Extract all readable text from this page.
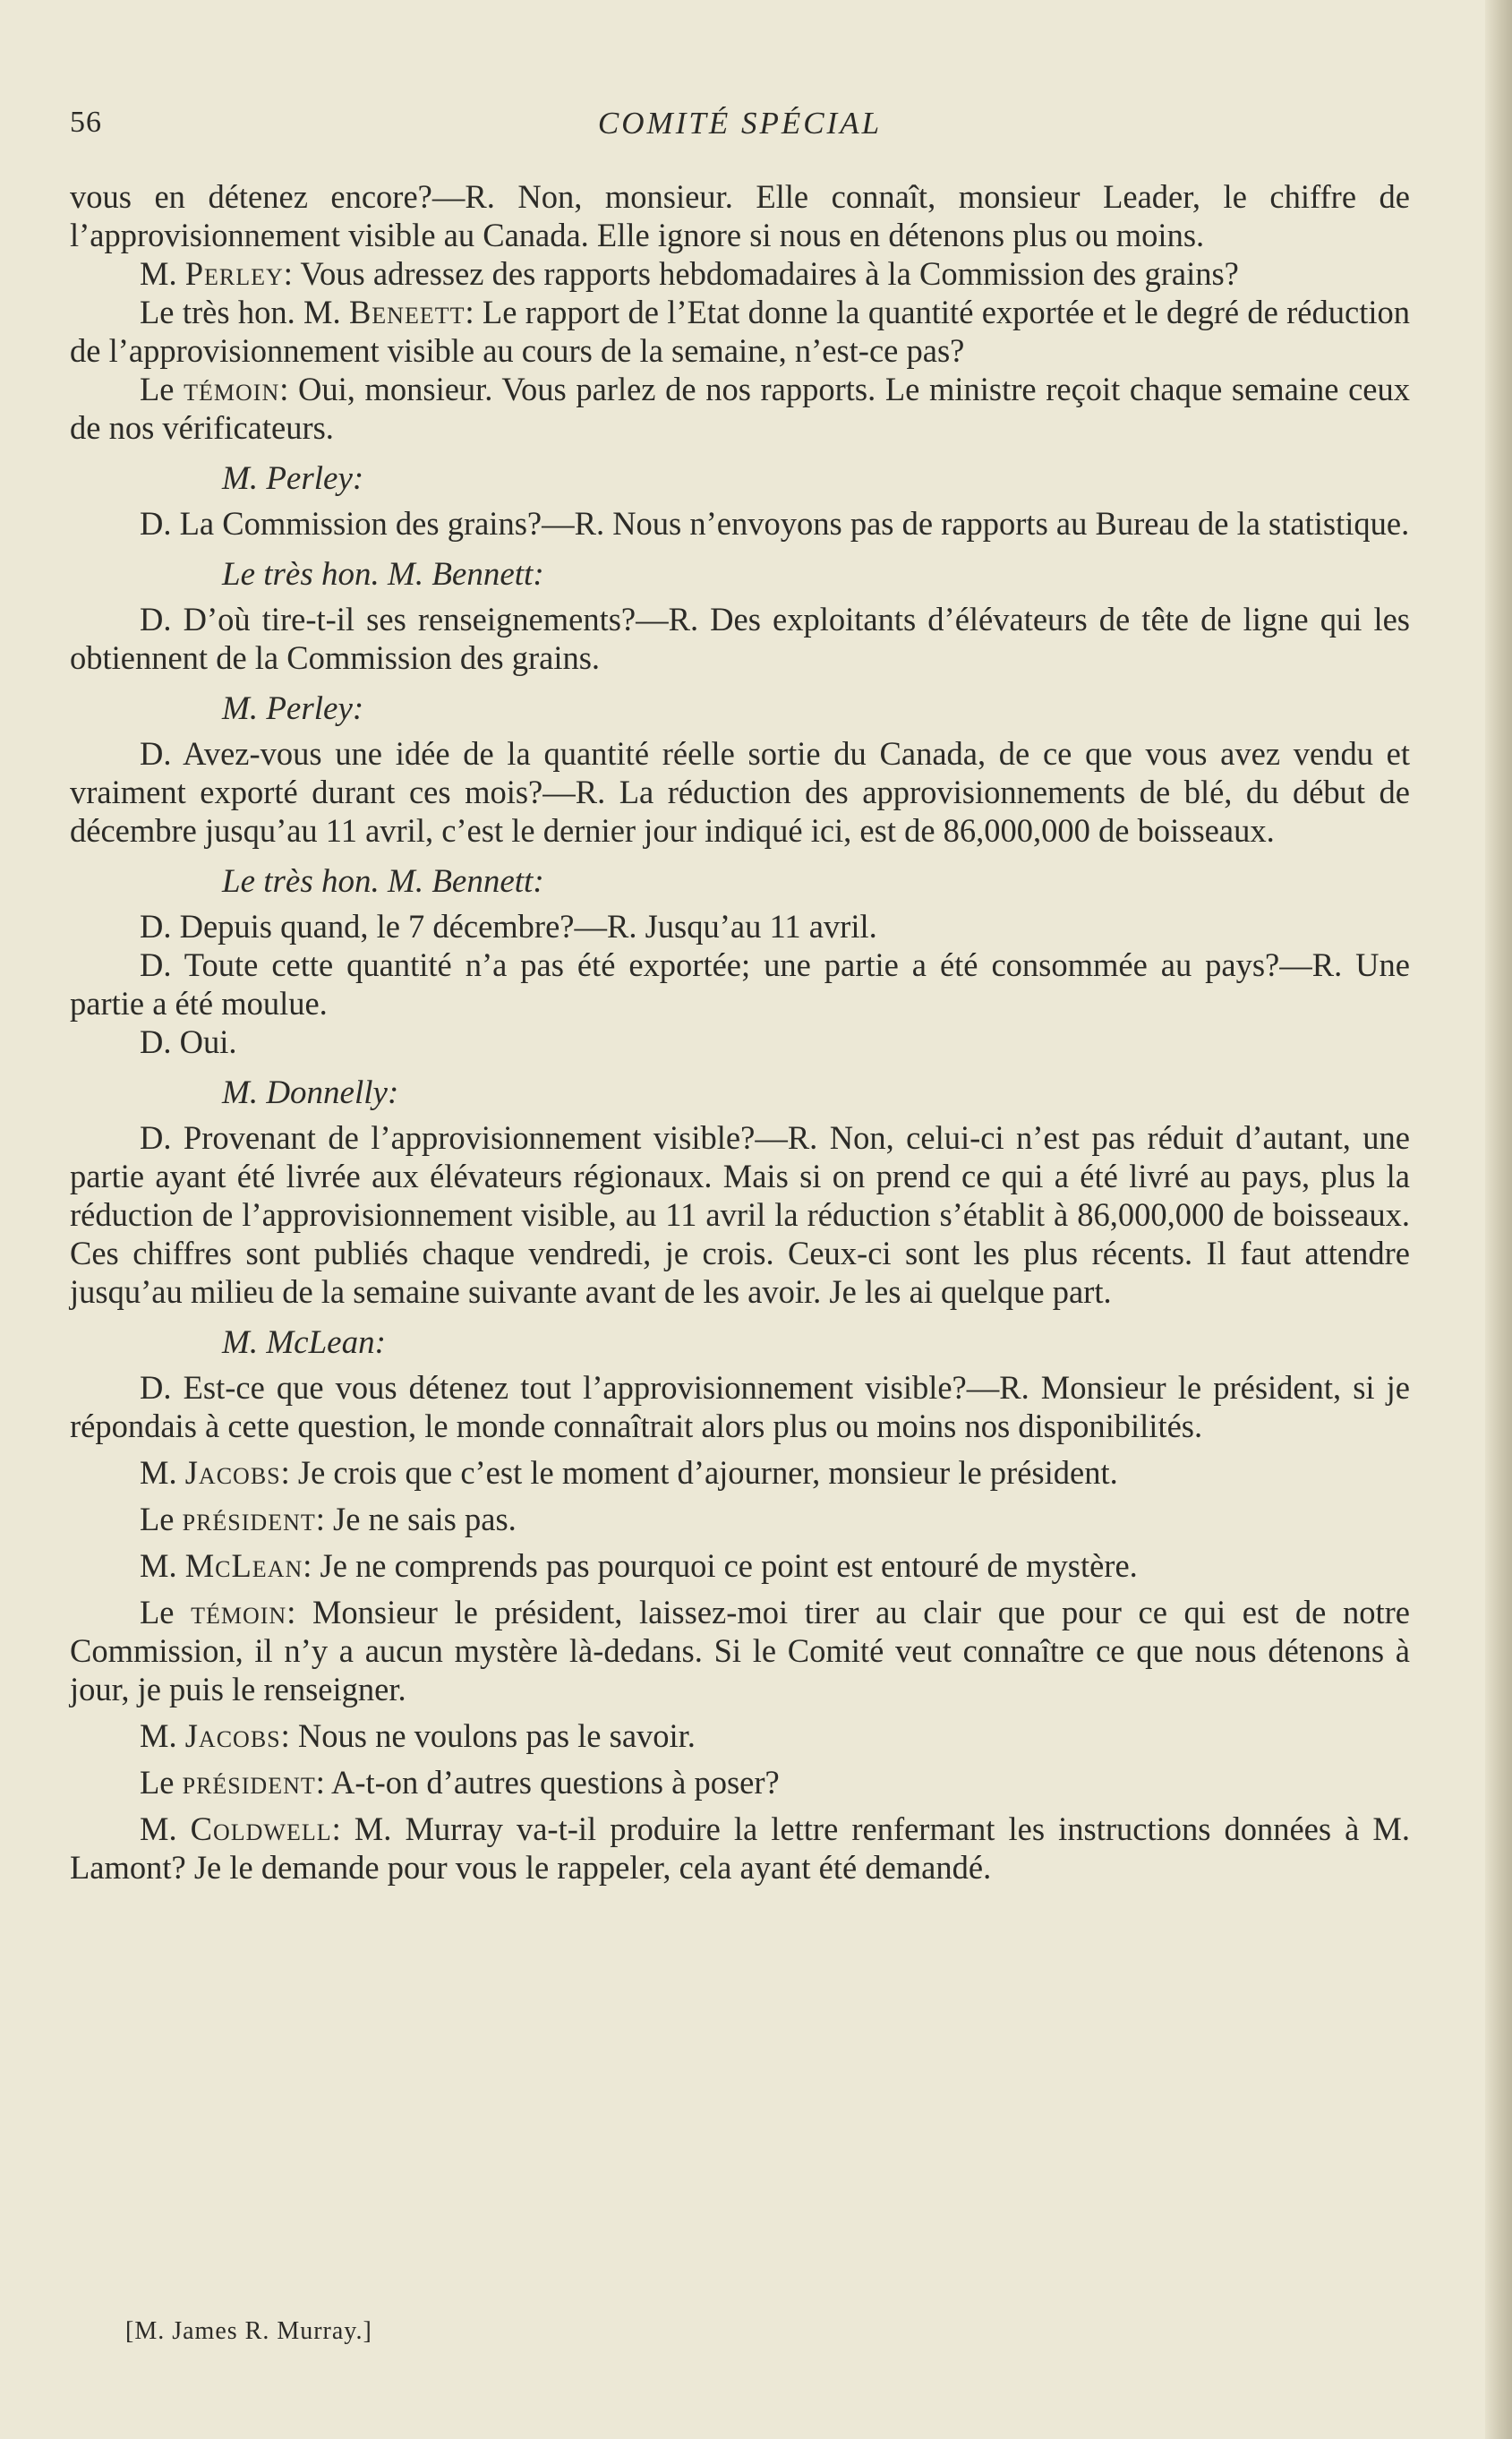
56	COMITÉ SPÉCIAL

vous en détenez encore?—R. Non, monsieur. Elle connaît, monsieur Leader, le chiffre de l’approvisionnement visible au Canada. Elle ignore si nous en détenons plus ou moins.

M. Perley: Vous adressez des rapports hebdomadaires à la Commission des grains?

Le très hon. M. Beneett: Le rapport de l’Etat donne la quantité exportée et le degré de réduction de l’approvisionnement visible au cours de la semaine, n’est-ce pas?

Le témoin: Oui, monsieur. Vous parlez de nos rapports. Le ministre reçoit chaque semaine ceux de nos vérificateurs.

M. Perley:

D. La Commission des grains?—R. Nous n’envoyons pas de rapports au Bureau de la statistique.

Le très hon. M. Bennett:

D. D’où tire-t-il ses renseignements?—R. Des exploitants d’élévateurs de tête de ligne qui les obtiennent de la Commission des grains.

M. Perley:

D. Avez-vous une idée de la quantité réelle sortie du Canada, de ce que vous avez vendu et vraiment exporté durant ces mois?—R. La réduction des approvisionnements de blé, du début de décembre jusqu’au 11 avril, c’est le dernier jour indiqué ici, est de 86,000,000 de boisseaux.

Le très hon. M. Bennett:

D. Depuis quand, le 7 décembre?—R. Jusqu’au 11 avril.

D. Toute cette quantité n’a pas été exportée; une partie a été consommée au pays?—R. Une partie a été moulue.

D. Oui.

M. Donnelly:

D. Provenant de l’approvisionnement visible?—R. Non, celui-ci n’est pas réduit d’autant, une partie ayant été livrée aux élévateurs régionaux. Mais si on prend ce qui a été livré au pays, plus la réduction de l’approvisionnement visible, au 11 avril la réduction s’établit à 86,000,000 de boisseaux. Ces chiffres sont publiés chaque vendredi, je crois. Ceux-ci sont les plus récents. Il faut attendre jusqu’au milieu de la semaine suivante avant de les avoir. Je les ai quelque part.

M. McLean:

D. Est-ce que vous détenez tout l’approvisionnement visible?—R. Monsieur le président, si je répondais à cette question, le monde connaîtrait alors plus ou moins nos disponibilités.

M. Jacobs: Je crois que c’est le moment d’ajourner, monsieur le président.

Le président: Je ne sais pas.

M. McLean: Je ne comprends pas pourquoi ce point est entouré de mystère.

Le témoin: Monsieur le président, laissez-moi tirer au clair que pour ce qui est de notre Commission, il n’y a aucun mystère là-dedans. Si le Comité veut connaître ce que nous détenons à jour, je puis le renseigner.

M. Jacobs: Nous ne voulons pas le savoir.

Le président: A-t-on d’autres questions à poser?

M. Coldwell: M. Murray va-t-il produire la lettre renfermant les instructions données à M. Lamont? Je le demande pour vous le rappeler, cela ayant été demandé.

[M. James R. Murray.]
